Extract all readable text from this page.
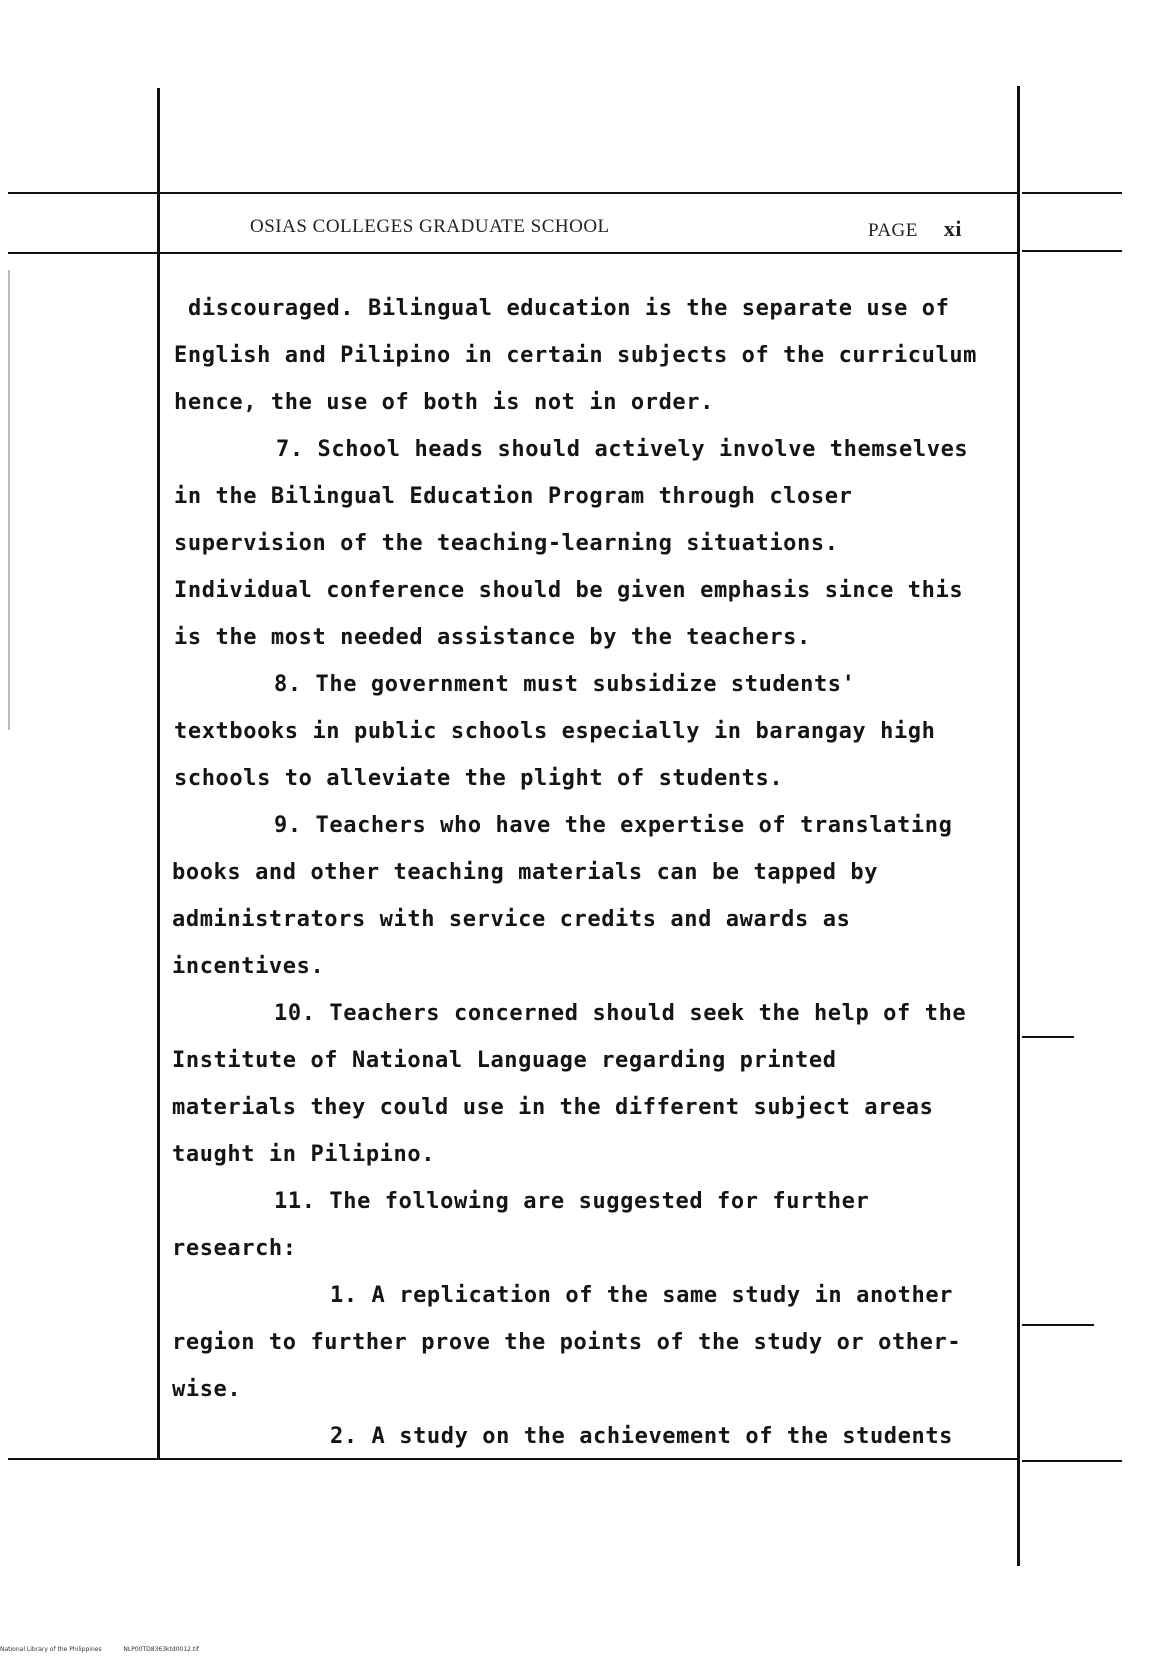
OSIAS COLLEGES GRADUATE SCHOOL	PAGE xi
discouraged. Bilingual education is the separate use of
English and Pilipino in certain subjects of the curriculum
hence, the use of both is not in order.
7. School heads should actively involve themselves
in the Bilingual Education Program through closer
supervision of the teaching-learning situations.
Individual conference should be given emphasis since this
is the most needed assistance by the teachers.
8. The government must subsidize students'
textbooks in public schools especially in barangay high
schools to alleviate the plight of students.
9. Teachers who have the expertise of translating
books and other teaching materials can be tapped by
administrators with service credits and awards as
incentives.
10. Teachers concerned should seek the help of the
Institute of National Language regarding printed
materials they could use in the different subject areas
taught in Pilipino.
11. The following are suggested for further
research:
1. A replication of the same study in another
region to further prove the points of the study or other-
wise.
2. A study on the achievement of the students
National Library of the Philippines	NLP00TD8363ktd0012.tif
